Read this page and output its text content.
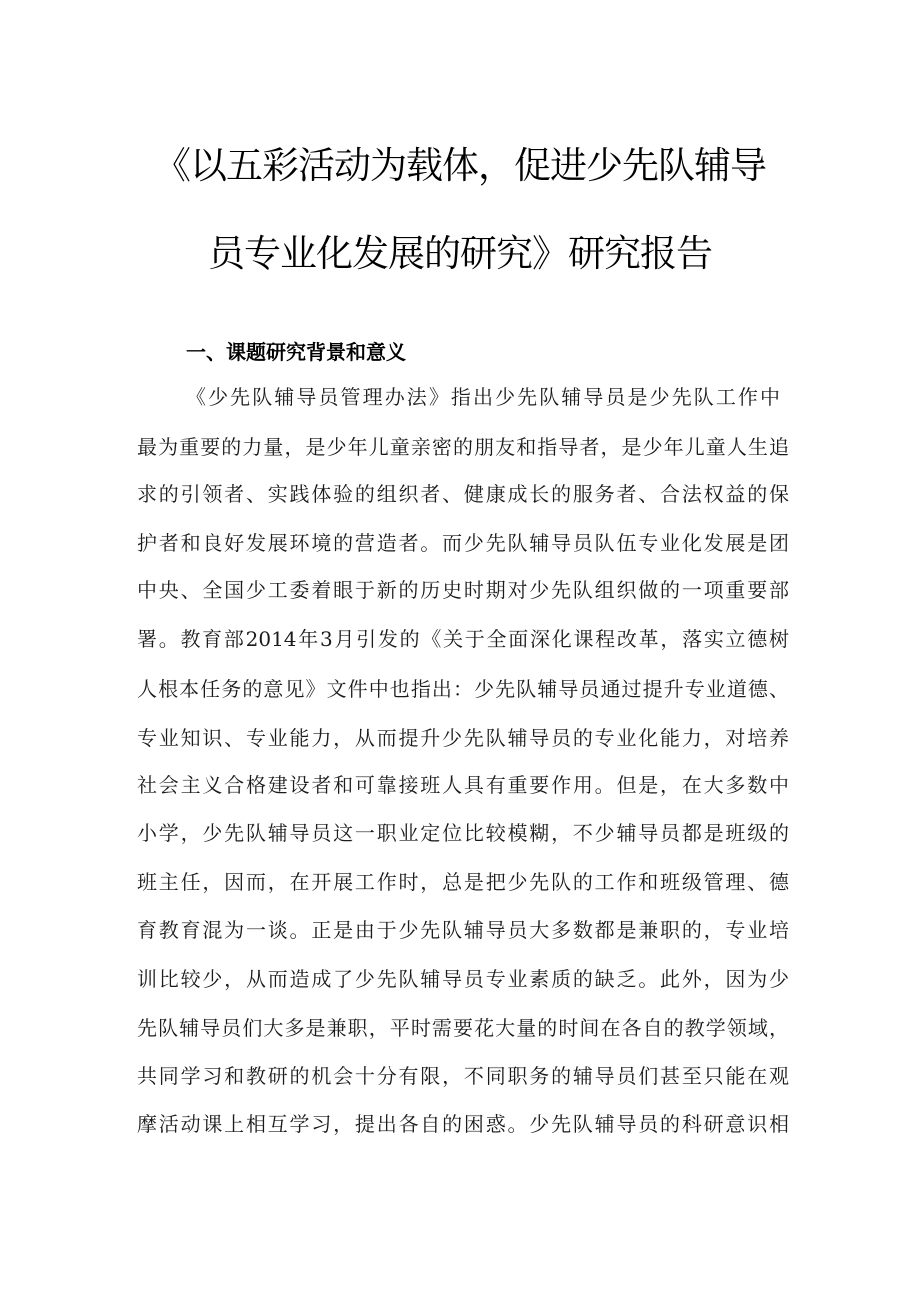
《以五彩活动为载体，促进少先队辅导
员专业化发展的研究》研究报告
一、课题研究背景和意义

《少先队辅导员管理办法》指出少先队辅导员是少先队工作中

最为重要的力量，是少年儿童亲密的朋友和指导者，是少年儿童人生追

求的引领者、实践体验的组织者、健康成长的服务者、合法权益的保

护者和良好发展环境的营造者。而少先队辅导员队伍专业化发展是团

中央、全国少工委着眼于新的历史时期对少先队组织做的一项重要部

署。教育部2014年3月引发的《关于全面深化课程改革，落实立德树

人根本任务的意见》文件中也指出：少先队辅导员通过提升专业道德、

专业知识、专业能力，从而提升少先队辅导员的专业化能力，对培养

社会主义合格建设者和可靠接班人具有重要作用。但是，在大多数中

小学，少先队辅导员这一职业定位比较模糊，不少辅导员都是班级的

班主任，因而，在开展工作时，总是把少先队的工作和班级管理、德

育教育混为一谈。正是由于少先队辅导员大多数都是兼职的，专业培

训比较少，从而造成了少先队辅导员专业素质的缺乏。此外，因为少

先队辅导员们大多是兼职，平时需要花大量的时间在各自的教学领域，

共同学习和教研的机会十分有限，不同职务的辅导员们甚至只能在观

摩活动课上相互学习，提出各自的困惑。少先队辅导员的科研意识相
